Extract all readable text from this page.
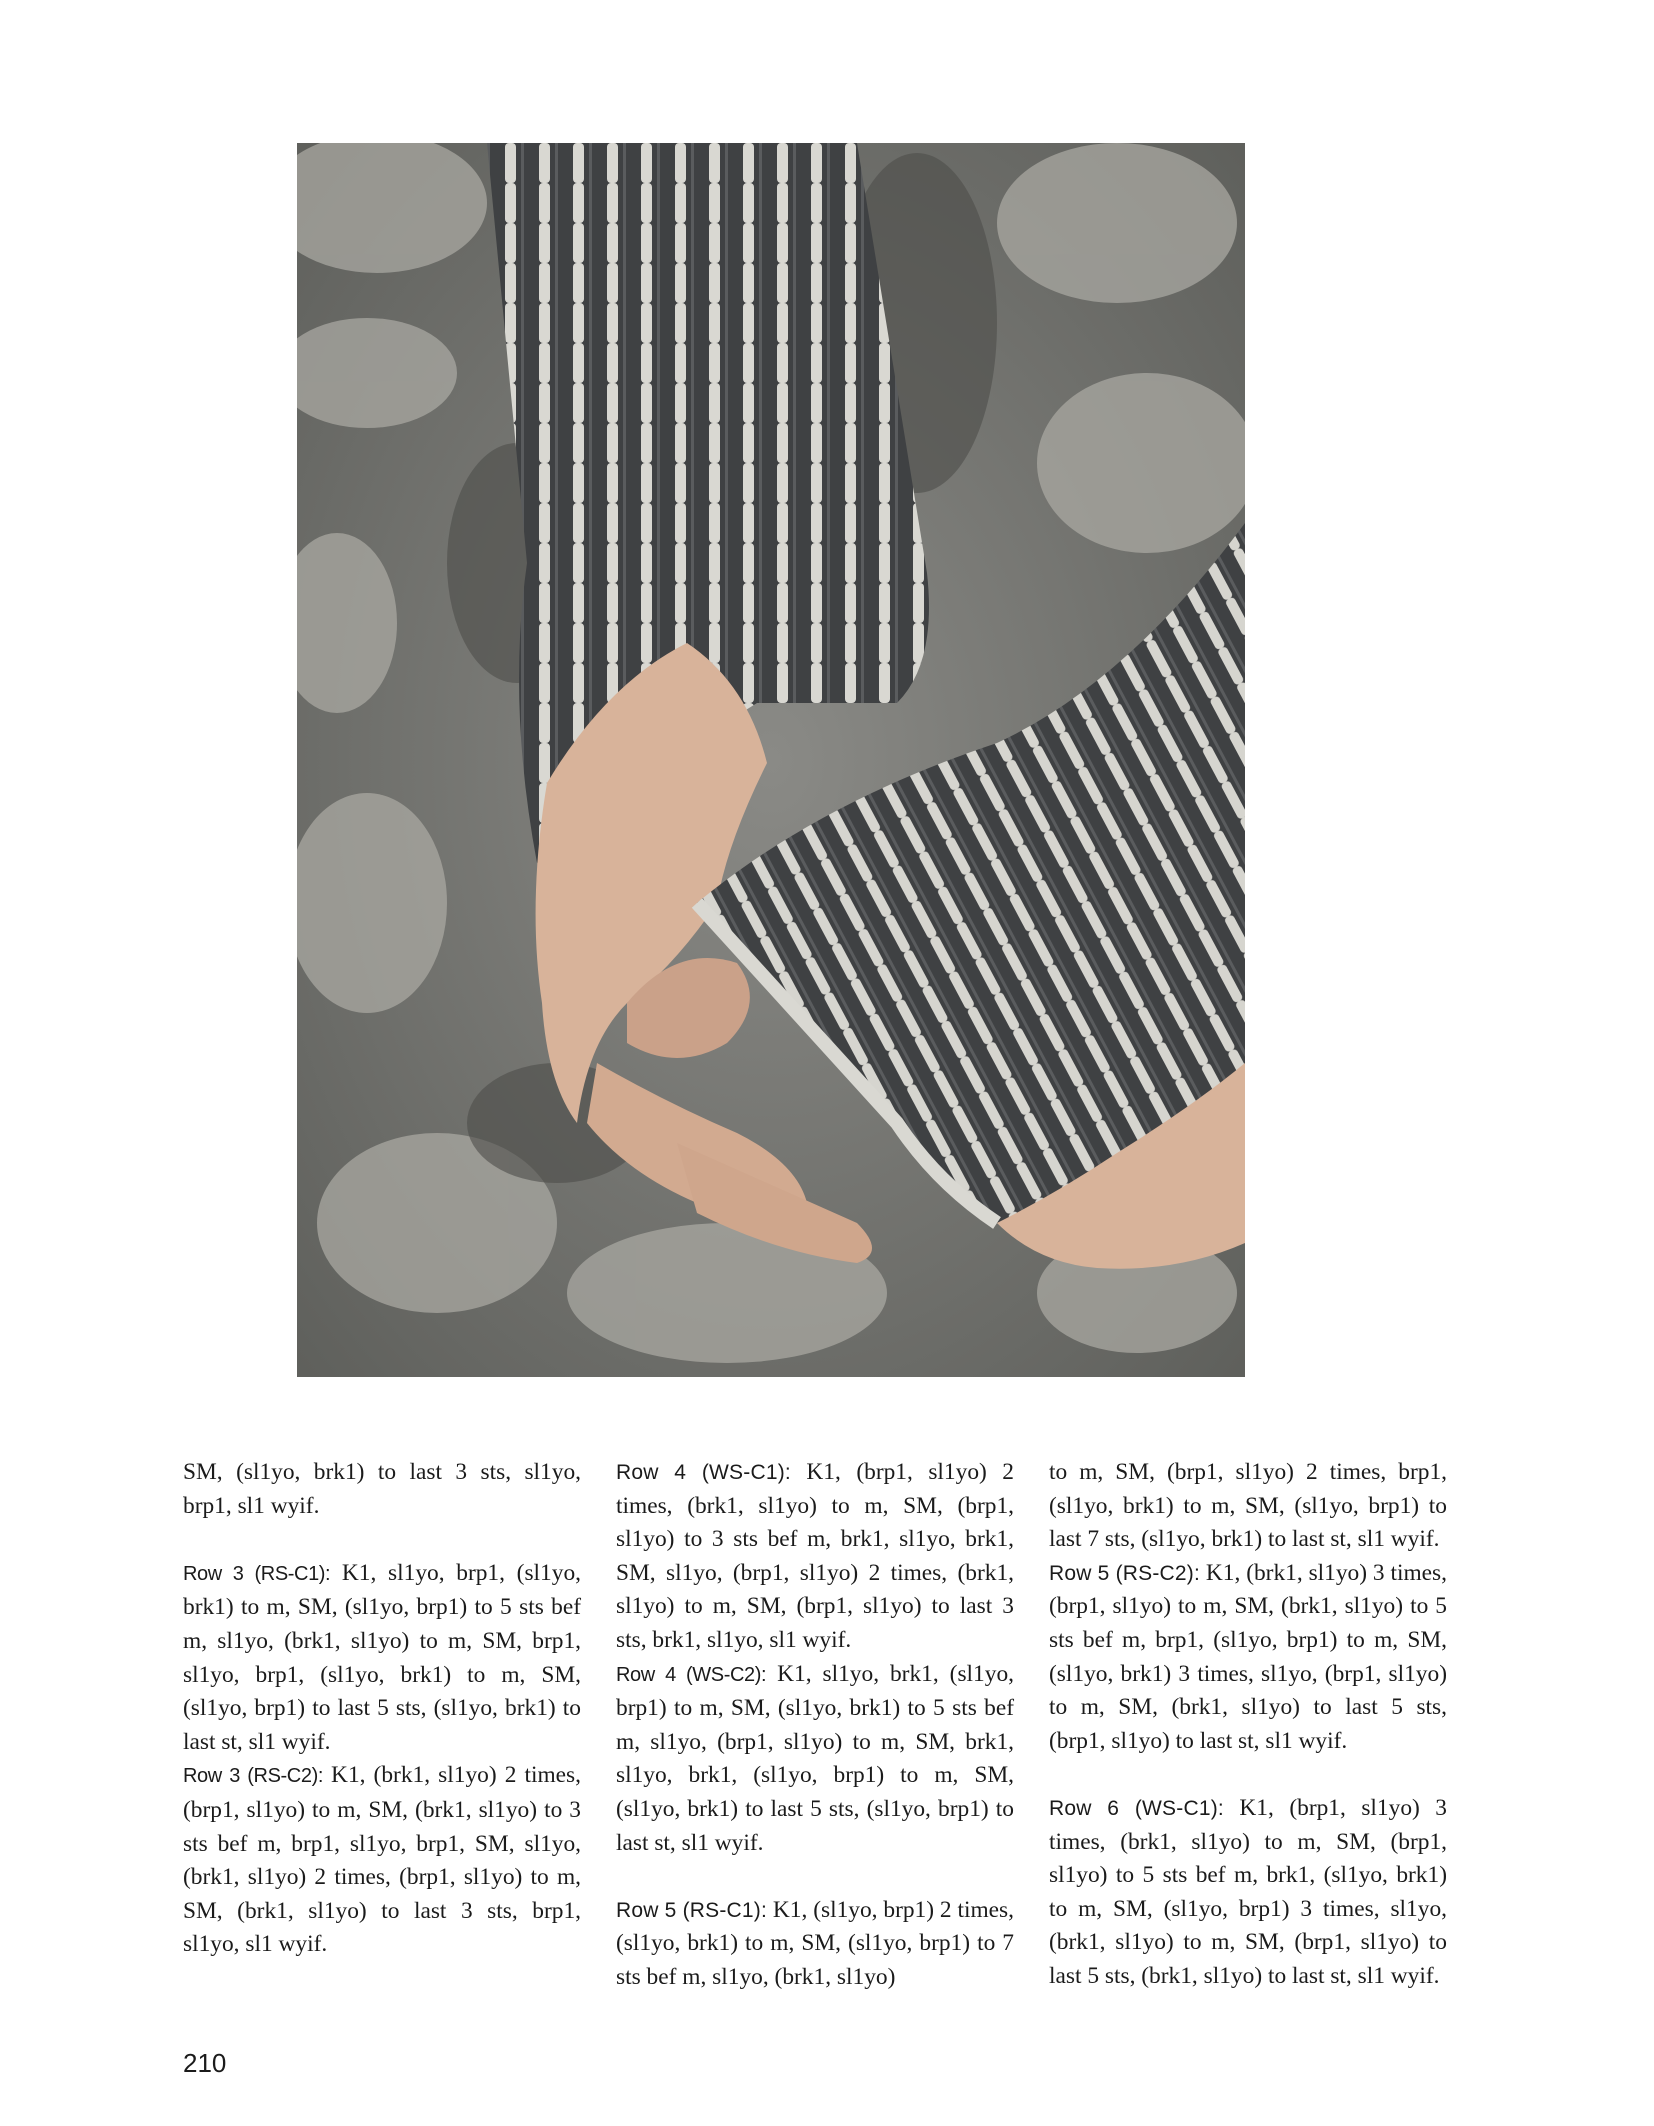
SM, (sl1yo, brk1) to last 3 sts, sl1yo, brp1, sl1 wyif.

Row 3 (RS-C1): K1, sl1yo, brp1, (sl1yo, brk1) to m, SM, (sl1yo, brp1) to 5 sts bef m, sl1yo, (brk1, sl1yo) to m, SM, brp1, sl1yo, brp1, (sl1yo, brk1) to m, SM, (sl1yo, brp1) to last 5 sts, (sl1yo, brk1) to last st, sl1 wyif.

Row 3 (RS-C2): K1, (brk1, sl1yo) 2 times, (brp1, sl1yo) to m, SM, (brk1, sl1yo) to 3 sts bef m, brp1, sl1yo, brp1, SM, sl1yo, (brk1, sl1yo) 2 times, (brp1, sl1yo) to m, SM, (brk1, sl1yo) to last 3 sts, brp1, sl1yo, sl1 wyif.

Row 4 (WS-C1): K1, (brp1, sl1yo) 2 times, (brk1, sl1yo) to m, SM, (brp1, sl1yo) to 3 sts bef m, brk1, sl1yo, brk1, SM, sl1yo, (brp1, sl1yo) 2 times, (brk1, sl1yo) to m, SM, (brp1, sl1yo) to last 3 sts, brk1, sl1yo, sl1 wyif.

Row 4 (WS-C2): K1, sl1yo, brk1, (sl1yo, brp1) to m, SM, (sl1yo, brk1) to 5 sts bef m, sl1yo, (brp1, sl1yo) to m, SM, brk1, sl1yo, brk1, (sl1yo, brp1) to m, SM, (sl1yo, brk1) to last 5 sts, (sl1yo, brp1) to last st, sl1 wyif.

Row 5 (RS-C1): K1, (sl1yo, brp1) 2 times, (sl1yo, brk1) to m, SM, (sl1yo, brp1) to 7 sts bef m, sl1yo, (brk1, sl1yo)

to m, SM, (brp1, sl1yo) 2 times, brp1, (sl1yo, brk1) to m, SM, (sl1yo, brp1) to last 7 sts, (sl1yo, brk1) to last st, sl1 wyif.

Row 5 (RS-C2): K1, (brk1, sl1yo) 3 times, (brp1, sl1yo) to m, SM, (brk1, sl1yo) to 5 sts bef m, brp1, (sl1yo, brp1) to m, SM, (sl1yo, brk1) 3 times, sl1yo, (brp1, sl1yo) to m, SM, (brk1, sl1yo) to last 5 sts, (brp1, sl1yo) to last st, sl1 wyif.

Row 6 (WS-C1): K1, (brp1, sl1yo) 3 times, (brk1, sl1yo) to m, SM, (brp1, sl1yo) to 5 sts bef m, brk1, (sl1yo, brk1) to m, SM, (sl1yo, brp1) 3 times, sl1yo, (brk1, sl1yo) to m, SM, (brp1, sl1yo) to last 5 sts, (brk1, sl1yo) to last st, sl1 wyif.

210
